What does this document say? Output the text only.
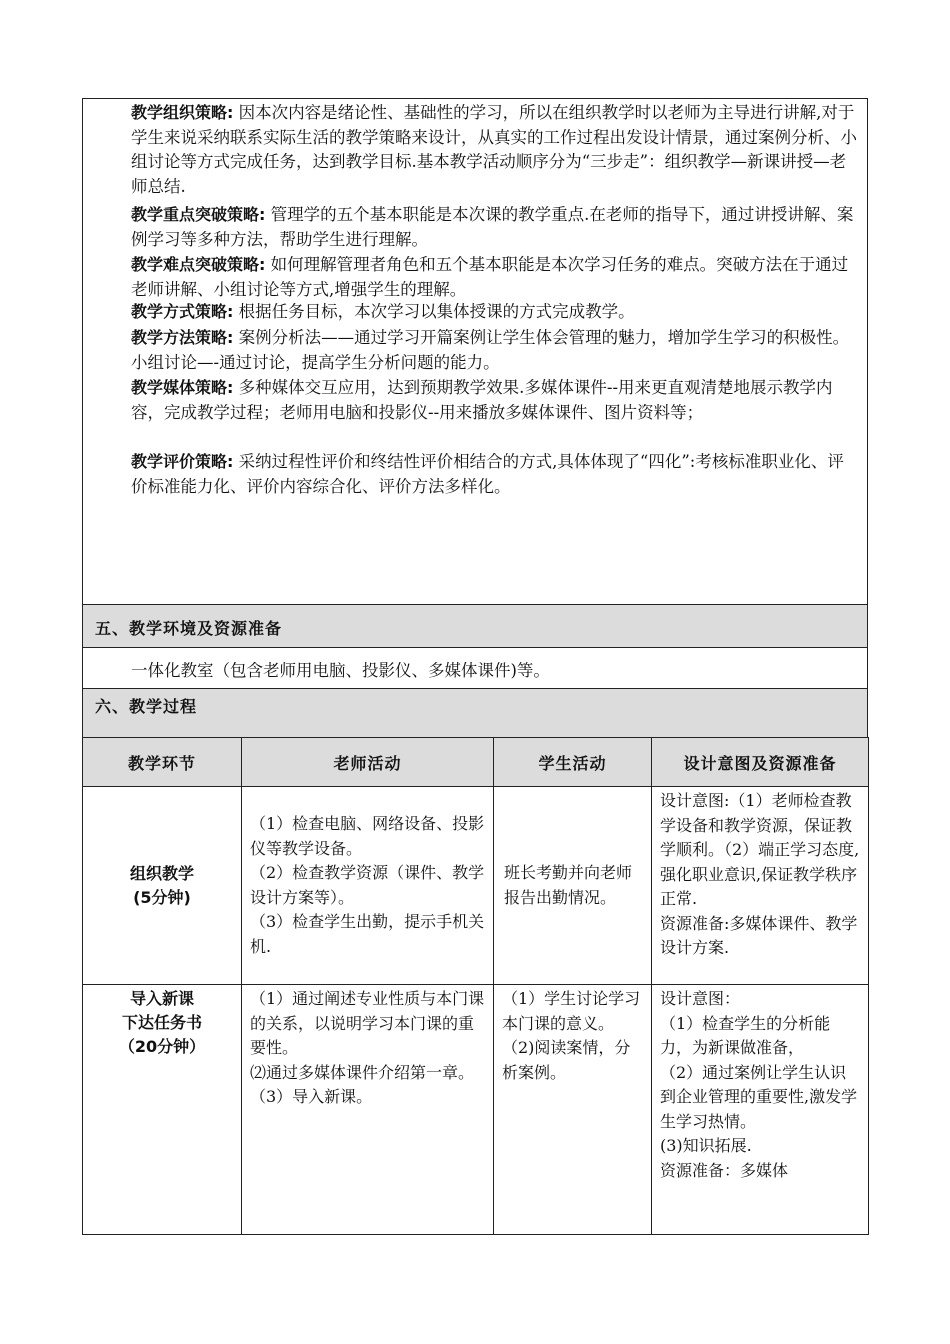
教学组织策略: 因本次内容是绪论性、基础性的学习，所以在组织教学时以老师为主导进行讲解,对于学生来说采纳联系实际生活的教学策略来设计，从真实的工作过程出发设计情景，通过案例分析、小组讨论等方式完成任务，达到教学目标.基本教学活动顺序分为“三步走”：组织教学—新课讲授—老师总结.
教学重点突破策略: 管理学的五个基本职能是本次课的教学重点.在老师的指导下，通过讲授讲解、案例学习等多种方法，帮助学生进行理解。
教学难点突破策略: 如何理解管理者角色和五个基本职能是本次学习任务的难点。突破方法在于通过老师讲解、小组讨论等方式,增强学生的理解。
教学方式策略: 根据任务目标，本次学习以集体授课的方式完成教学。
教学方法策略: 案例分析法——通过学习开篇案例让学生体会管理的魅力，增加学生学习的积极性。小组讨论—-通过讨论，提高学生分析问题的能力。
教学媒体策略: 多种媒体交互应用，达到预期教学效果.多媒体课件--用来更直观清楚地展示教学内容，完成教学过程；老师用电脑和投影仪--用来播放多媒体课件、图片资料等；
教学评价策略: 采纳过程性评价和终结性评价相结合的方式,具体体现了“四化”:考核标准职业化、评价标准能力化、评价内容综合化、评价方法多样化。
五、教学环境及资源准备
一体化教室（包含老师用电脑、投影仪、多媒体课件)等。
六、教学过程
教学环节	老师活动	学生活动	设计意图及资源准备

组织教学
(5分钟)	（1）检查电脑、网络设备、投影仪等教学设备。
（2）检查教学资源（课件、教学设计方案等）。
（3）检查学生出勤，提示手机关机.	班长考勤并向老师报告出勤情况。	设计意图:（1）老师检查教学设备和教学资源，保证教学顺利。（2）端正学习态度,强化职业意识,保证教学秩序正常.
资源准备:多媒体课件、教学设计方案.

导入新课
下达任务书
（20分钟）	（1）通过阐述专业性质与本门课的关系，以说明学习本门课的重要性。
⑵通过多媒体课件介绍第一章。
（3）导入新课。	（1）学生讨论学习本门课的意义。
（2)阅读案情，分析案例。	设计意图：
（1）检查学生的分析能力，为新课做准备，
（2）通过案例让学生认识到企业管理的重要性,激发学生学习热情。
(3)知识拓展.
资源准备：多媒体
